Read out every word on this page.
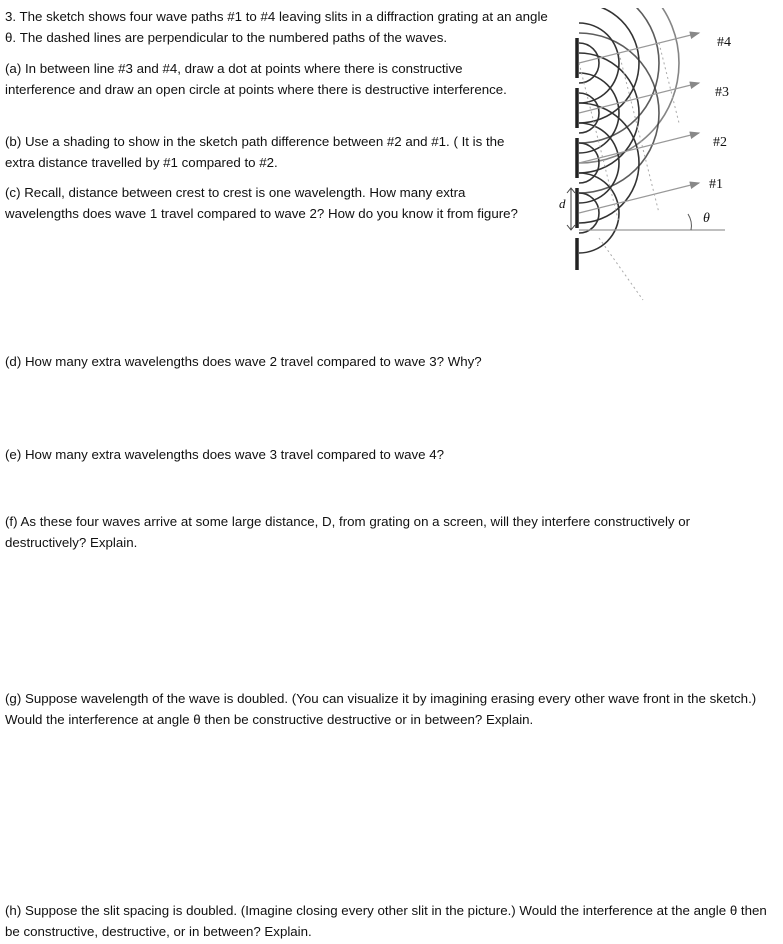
3. The sketch shows four wave paths #1 to #4 leaving slits in a diffraction grating at an angle θ. The dashed lines are perpendicular to the numbered paths of the waves.

(a) In between line #3 and #4, draw a dot at points where there is constructive interference and draw an open circle at points where there is destructive interference.

(b) Use a shading to show in the sketch path difference between #2 and #1. ( It is the extra distance travelled by #1 compared to #2.

(c) Recall, distance between crest to crest is one wavelength. How many extra wavelengths does wave 1 travel compared to wave 2? How do you know it from figure?

(d) How many extra wavelengths does wave 2 travel compared to wave 3? Why?

(e) How many extra wavelengths does wave 3 travel compared to wave 4?

(f) As these four waves arrive at some large distance, D, from grating on a screen, will they interfere constructively or destructively? Explain.

(g) Suppose wavelength of the wave is doubled. (You can visualize it by imagining erasing every other wave front in the sketch.) Would the interference at angle θ then be constructive destructive or in between? Explain.

(h) Suppose the slit spacing is doubled. (Imagine closing every other slit in the picture.) Would the interference at the angle θ then be constructive, destructive, or in between? Explain.

#4
#3
#2
#1
θ
d
